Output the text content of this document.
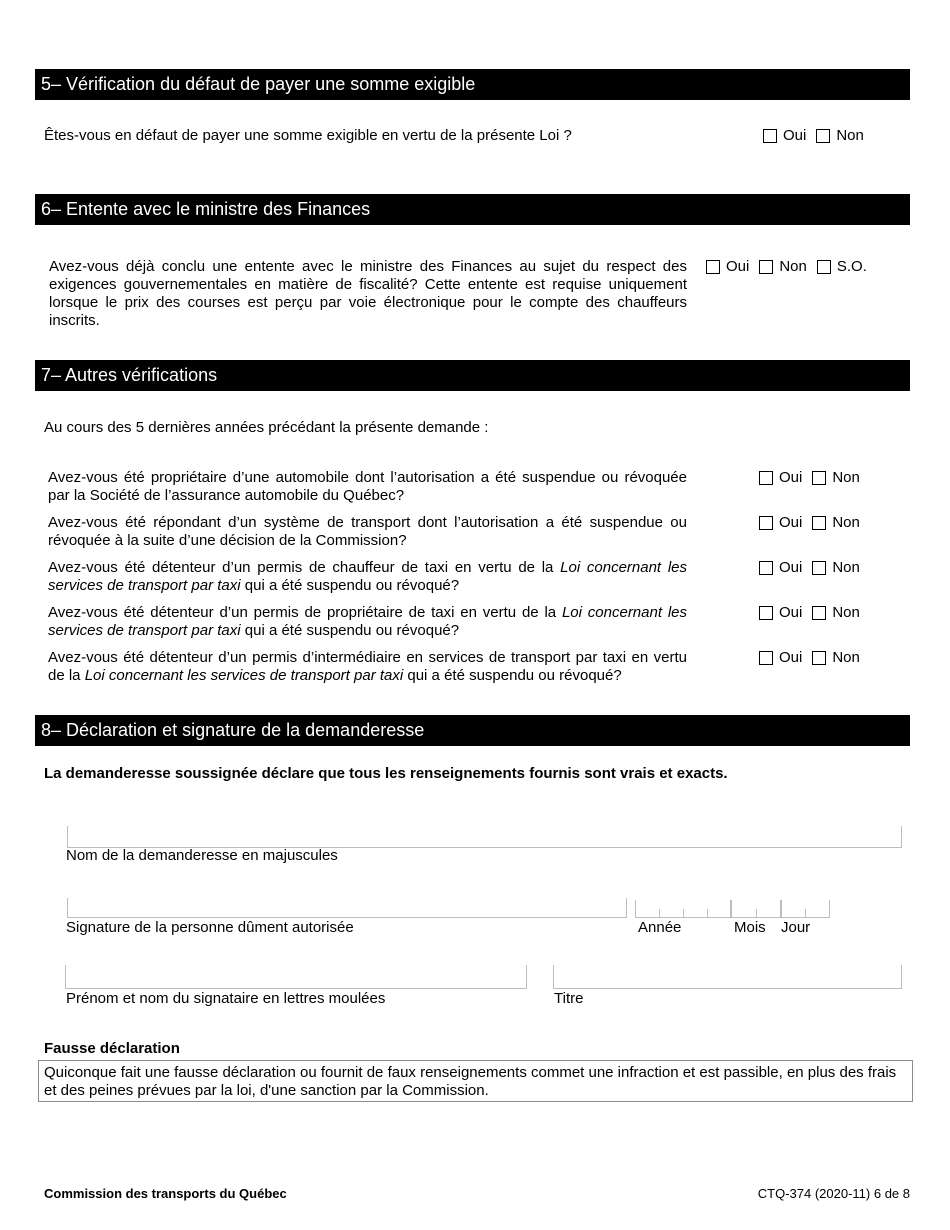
5– Vérification du défaut de payer une somme exigible
Êtes-vous en défaut de payer une somme exigible en vertu de la présente Loi ?	Oui Non
6– Entente avec le ministre des Finances
Avez-vous déjà conclu une entente avec le ministre des Finances au sujet du respect des exigences gouvernementales en matière de fiscalité? Cette entente est requise uniquement lorsque le prix des courses est perçu par voie électronique pour le compte des chauffeurs inscrits.
Oui Non S.O.
7– Autres vérifications
Au cours des 5 dernières années précédant la présente demande :
Avez-vous été propriétaire d’une automobile dont l’autorisation a été suspendue ou révoquée par la Société de l’assurance automobile du Québec?
Oui Non
Avez-vous été répondant d’un système de transport dont l’autorisation a été suspendue ou révoquée à la suite d’une décision de la Commission?
Oui Non
Avez-vous été détenteur d’un permis de chauffeur de taxi en vertu de la Loi concernant les services de transport par taxi qui a été suspendu ou révoqué?
Oui Non
Avez-vous été détenteur d’un permis de propriétaire de taxi en vertu de la Loi concernant les services de transport par taxi qui a été suspendu ou révoqué?
Oui Non
Avez-vous été détenteur d’un permis d’intermédiaire en services de transport par taxi en vertu de la Loi concernant les services de transport par taxi qui a été suspendu ou révoqué?
Oui Non
8– Déclaration et signature de la demanderesse
La demanderesse soussignée déclare que tous les renseignements fournis sont vrais et exacts.
Nom de la demanderesse en majuscules
Signature de la personne dûment autorisée	Année	Mois Jour
Prénom et nom du signataire en lettres moulées	Titre
Fausse déclaration
Quiconque fait une fausse déclaration ou fournit de faux renseignements commet une infraction et est passible, en plus des frais et des peines prévues par la loi, d'une sanction par la Commission.
Commission des transports du Québec	CTQ-374 (2020-11) 6 de 8
